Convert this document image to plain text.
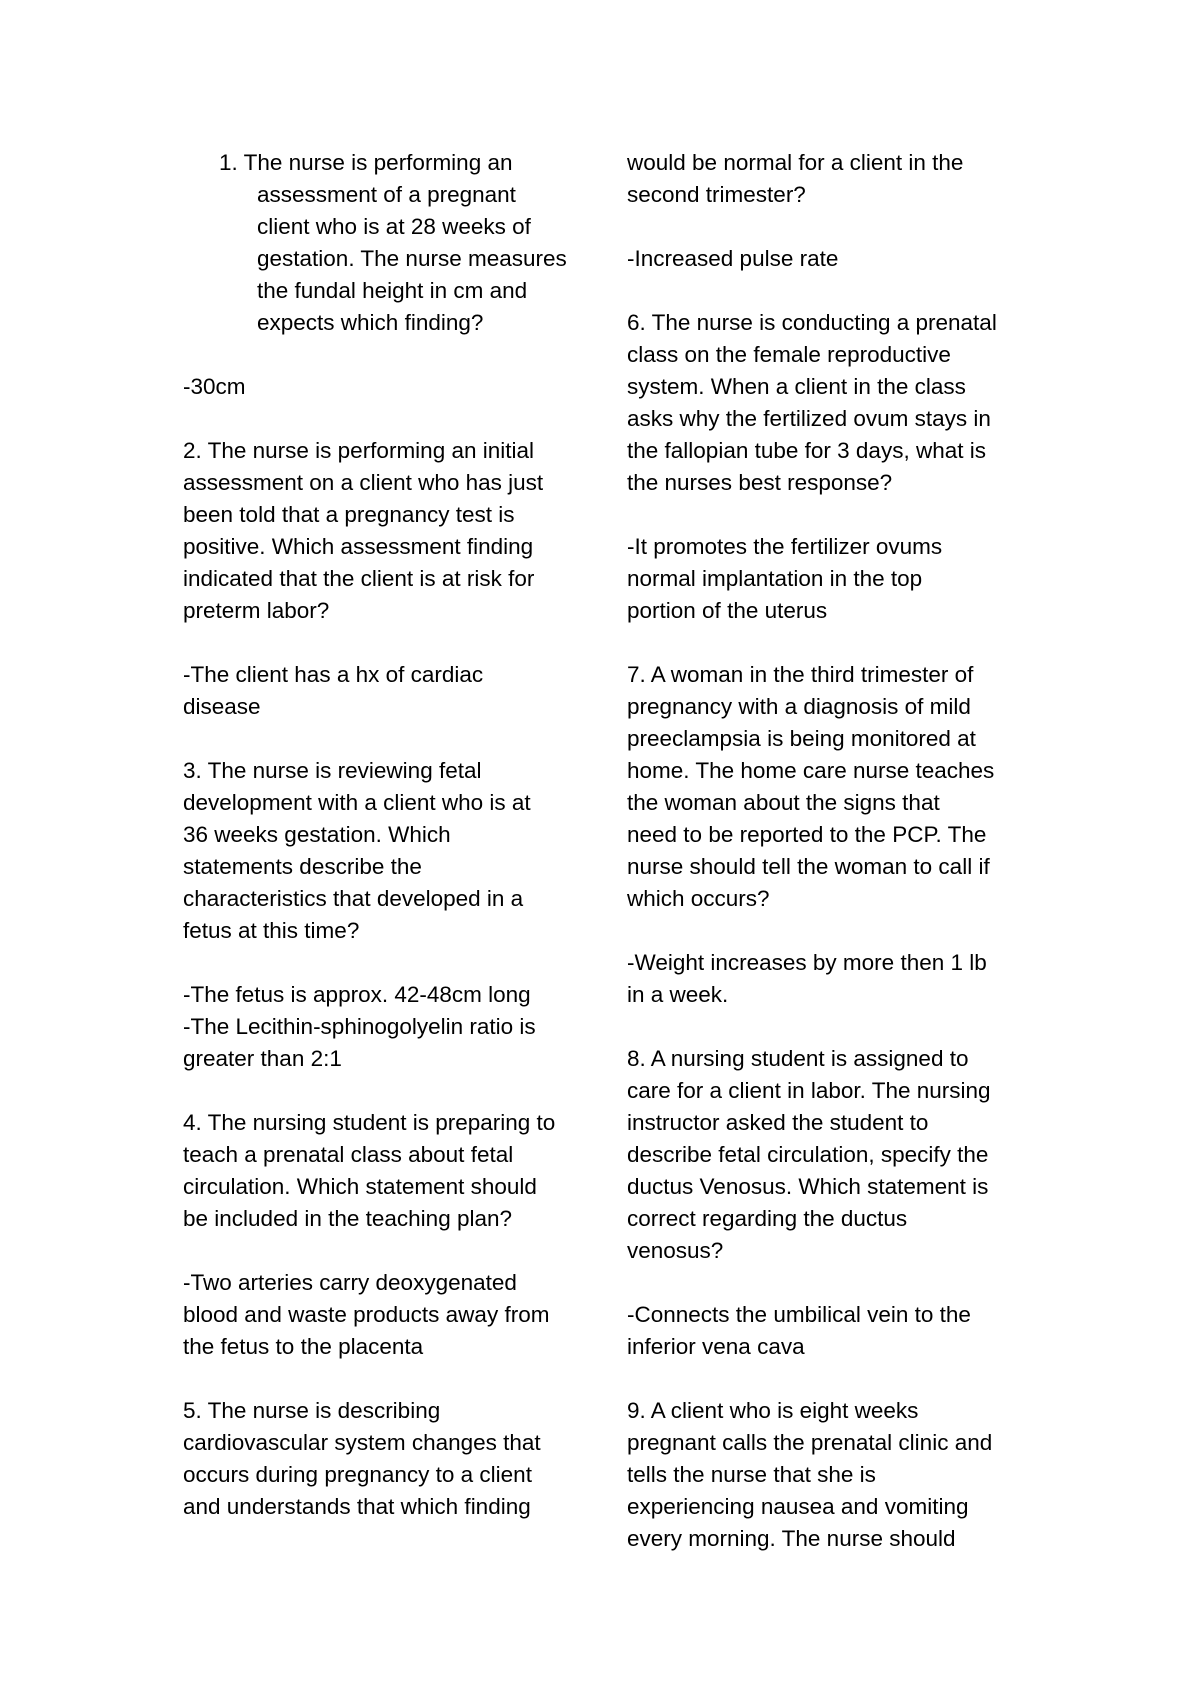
1. The nurse is performing an
assessment of a pregnant
client who is at 28 weeks of
gestation. The nurse measures
the fundal height in cm and
expects which finding?

-30cm

2. The nurse is performing an initial
assessment on a client who has just
been told that a pregnancy test is
positive. Which assessment finding
indicated that the client is at risk for
preterm labor?

-The client has a hx of cardiac
disease

3. The nurse is reviewing fetal
development with a client who is at
36 weeks gestation. Which
statements describe the
characteristics that developed in a
fetus at this time?

-The fetus is approx. 42-48cm long
-The Lecithin-sphinogolyelin ratio is
greater than 2:1

4. The nursing student is preparing to
teach a prenatal class about fetal
circulation. Which statement should
be included in the teaching plan?

-Two arteries carry deoxygenated
blood and waste products away from
the fetus to the placenta

5. The nurse is describing
cardiovascular system changes that
occurs during pregnancy to a client
and understands that which finding

would be normal for a client in the
second trimester?

-Increased pulse rate

6. The nurse is conducting a prenatal
class on the female reproductive
system. When a client in the class
asks why the fertilized ovum stays in
the fallopian tube for 3 days, what is
the nurses best response?

-It promotes the fertilizer ovums
normal implantation in the top
portion of the uterus

7. A woman in the third trimester of
pregnancy with a diagnosis of mild
preeclampsia is being monitored at
home. The home care nurse teaches
the woman about the signs that
need to be reported to the PCP. The
nurse should tell the woman to call if
which occurs?

-Weight increases by more then 1 lb
in a week.

8. A nursing student is assigned to
care for a client in labor. The nursing
instructor asked the student to
describe fetal circulation, specify the
ductus Venosus. Which statement is
correct regarding the ductus
venosus?

-Connects the umbilical vein to the
inferior vena cava

9. A client who is eight weeks
pregnant calls the prenatal clinic and
tells the nurse that she is
experiencing nausea and vomiting
every morning. The nurse should
